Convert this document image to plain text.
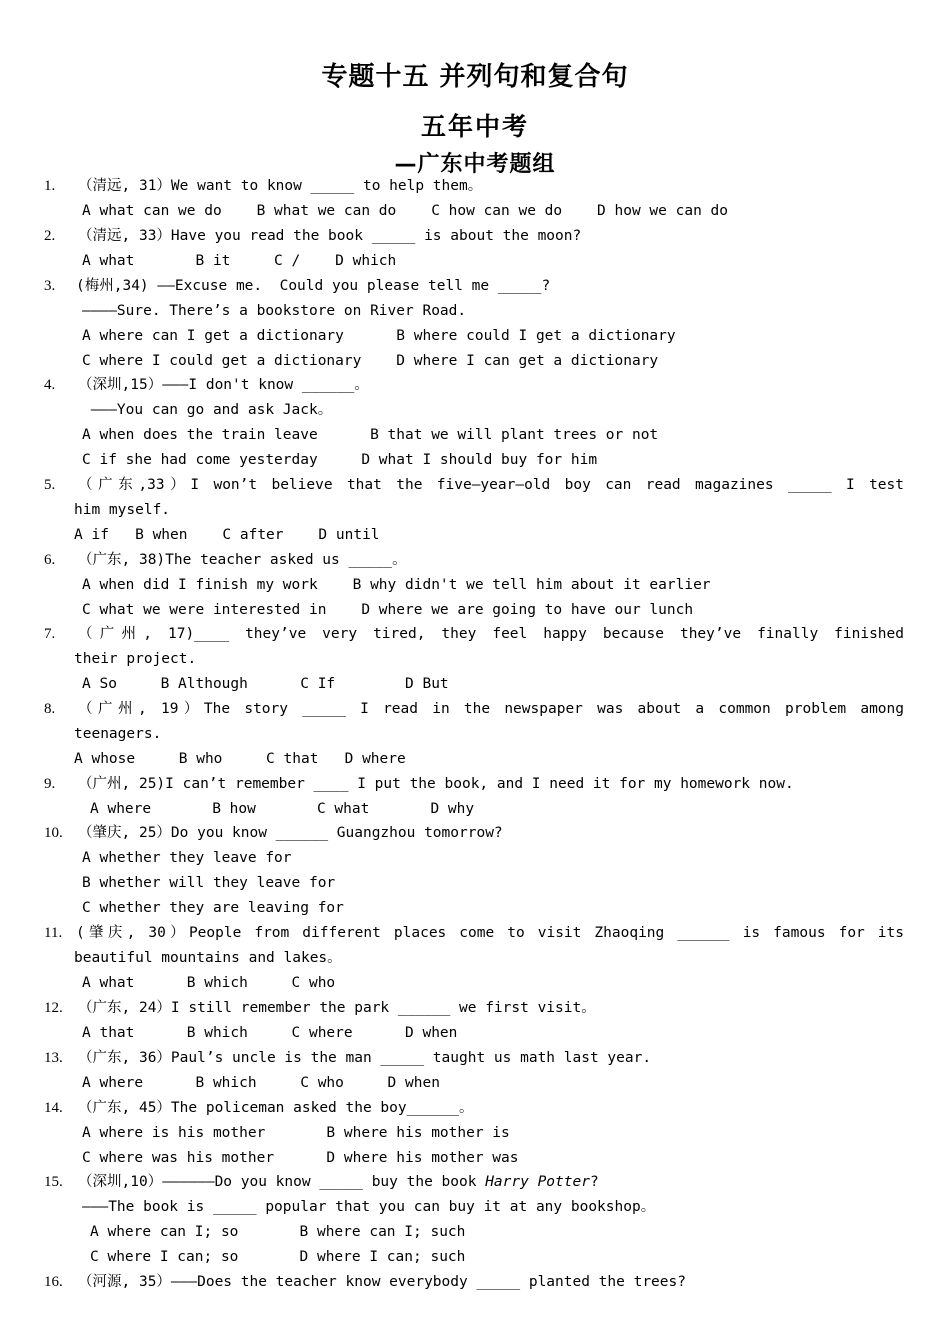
专题十五 并列句和复合句
五年中考
—广东中考题组
1. （清远, 31）We want to know _____ to help them。
A what can we do    B what we can do    C how can we do    D how we can do
2. （清远, 33）Have you read the book _____ is about the moon?
A what       B it     C /    D which
3. (梅州,34) ——Excuse me.  Could you please tell me _____?
————Sure. There’s a bookstore on River Road.
A where can I get a dictionary      B where could I get a dictionary
C where I could get a dictionary    D where I can get a dictionary
4. （深圳,15）———I don't know ______。
———You can go and ask Jack。
A when does the train leave      B that we will plant trees or not
C if she had come yesterday     D what I should buy for him
5. （广东,33）I won’t believe that the five—year—old boy can read magazines _____ I test
him myself.
A if   B when    C after    D until
6. （广东, 38)The teacher asked us _____。
A when did I finish my work    B why didn't we tell him about it earlier
C what we were interested in    D where we are going to have our lunch
7. （广州, 17)____ they’ve very tired, they feel happy because they’ve finally finished
their project.
A So     B Although      C If        D But
8. （广州, 19）The story _____ I read in the newspaper was about a common problem among
teenagers.
A whose     B who     C that   D where
9. （广州, 25)I can’t remember ____ I put the book, and I need it for my homework now.
A where       B how       C what       D why
10. （肇庆, 25）Do you know ______ Guangzhou tomorrow?
A whether they leave for
B whether will they leave for
C whether they are leaving for
11. (肇庆, 30）People from different places come to visit Zhaoqing ______ is famous for its
beautiful mountains and lakes。
A what      B which     C who
12. （广东, 24）I still remember the park ______ we first visit。
A that      B which     C where      D when
13. （广东, 36）Paul’s uncle is the man _____ taught us math last year.
A where      B which     C who     D when
14. （广东, 45）The policeman asked the boy______。
A where is his mother       B where his mother is
C where was his mother      D where his mother was
15. （深圳,10）——————Do you know _____ buy the book Harry Potter?
———The book is _____ popular that you can buy it at any bookshop。
A where can I; so       B where can I; such
C where I can; so       D where I can; such
16. （河源, 35）———Does the teacher know everybody _____ planted the trees?
